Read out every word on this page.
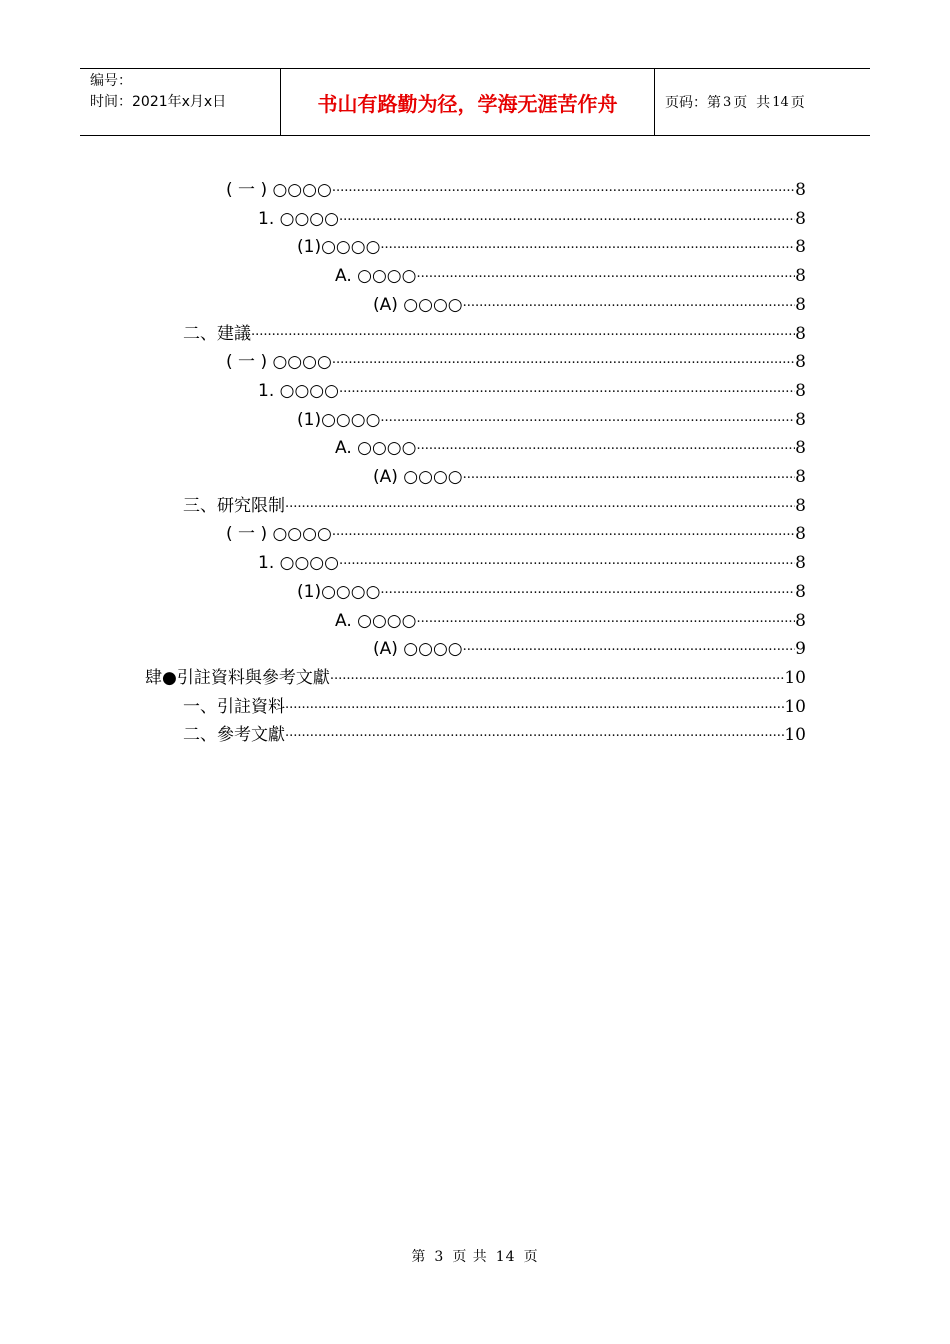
编号：
时间：2021年x月x日	书山有路勤为径，学海无涯苦作舟	页码：第 3 页  共 14 页
( 一 ) ○○○○ .....	8
1. ○○○○ .....	8
(1)○○○○ .....	8
A. ○○○○ .....	8
(A) ○○○○ .....	8
二、建議 .....	8
( 一 ) ○○○○ .....	8
1. ○○○○ .....	8
(1)○○○○ .....	8
A. ○○○○ .....	8
(A) ○○○○ .....	8
三、研究限制 .....	8
( 一 ) ○○○○ .....	8
1. ○○○○ .....	8
(1)○○○○ .....	8
A. ○○○○ .....	8
(A) ○○○○ .....	9
肆●引註資料與參考文獻 .....	10
一、引註資料 .....	10
二、參考文獻 .....	10
第 3 页 共 14 页
